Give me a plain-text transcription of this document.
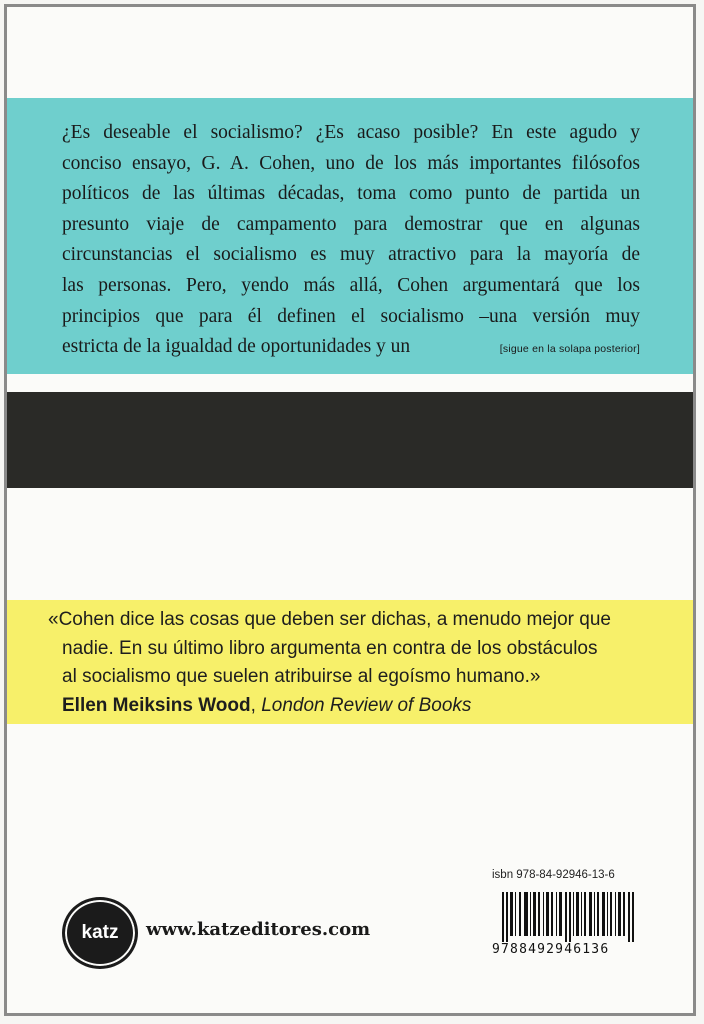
¿Es deseable el socialismo? ¿Es acaso posible? En este agudo y
conciso ensayo, G. A. Cohen, uno de los más importantes filósofos
políticos de las últimas décadas, toma como punto de partida un
presunto viaje de campamento para demostrar que en algunas
circunstancias el socialismo es muy atractivo para la mayoría de
las personas. Pero, yendo más allá, Cohen argumentará que los
principios que para él definen el socialismo –una versión muy
estricta de la igualdad de oportunidades y un	[sigue en la solapa posterior]
«Cohen dice las cosas que deben ser dichas, a menudo mejor que
nadie. En su último libro argumenta en contra de los obstáculos
al socialismo que suelen atribuirse al egoísmo humano.»
Ellen Meiksins Wood, London Review of Books
isbn 978-84-92946-13-6
9788492946136
katz www.katzeditores.com
